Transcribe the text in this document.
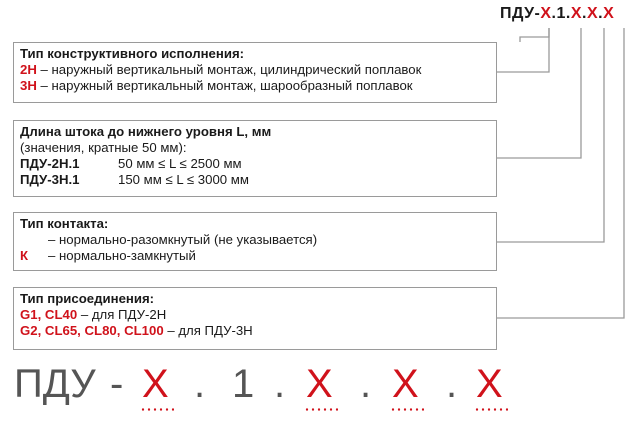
ПДУ-Х.1.Х.Х.Х
Тип конструктивного исполнения:
2Н – наружный вертикальный монтаж, цилиндрический поплавок
3Н – наружный вертикальный монтаж, шарообразный поплавок
Длина штока до нижнего уровня L, мм
(значения, кратные 50 мм):
ПДУ-2Н.1	50 мм ≤ L ≤ 2500 мм
ПДУ-3Н.1	150 мм ≤ L ≤ 3000 мм
Тип контакта:
– нормально-разомкнутый (не указывается)
К – нормально-замкнутый
Тип присоединения:
G1, CL40 – для ПДУ-2Н
G2, CL65, CL80, CL100 – для ПДУ-3Н
ПДУ - Х . 1 . Х . Х . Х
